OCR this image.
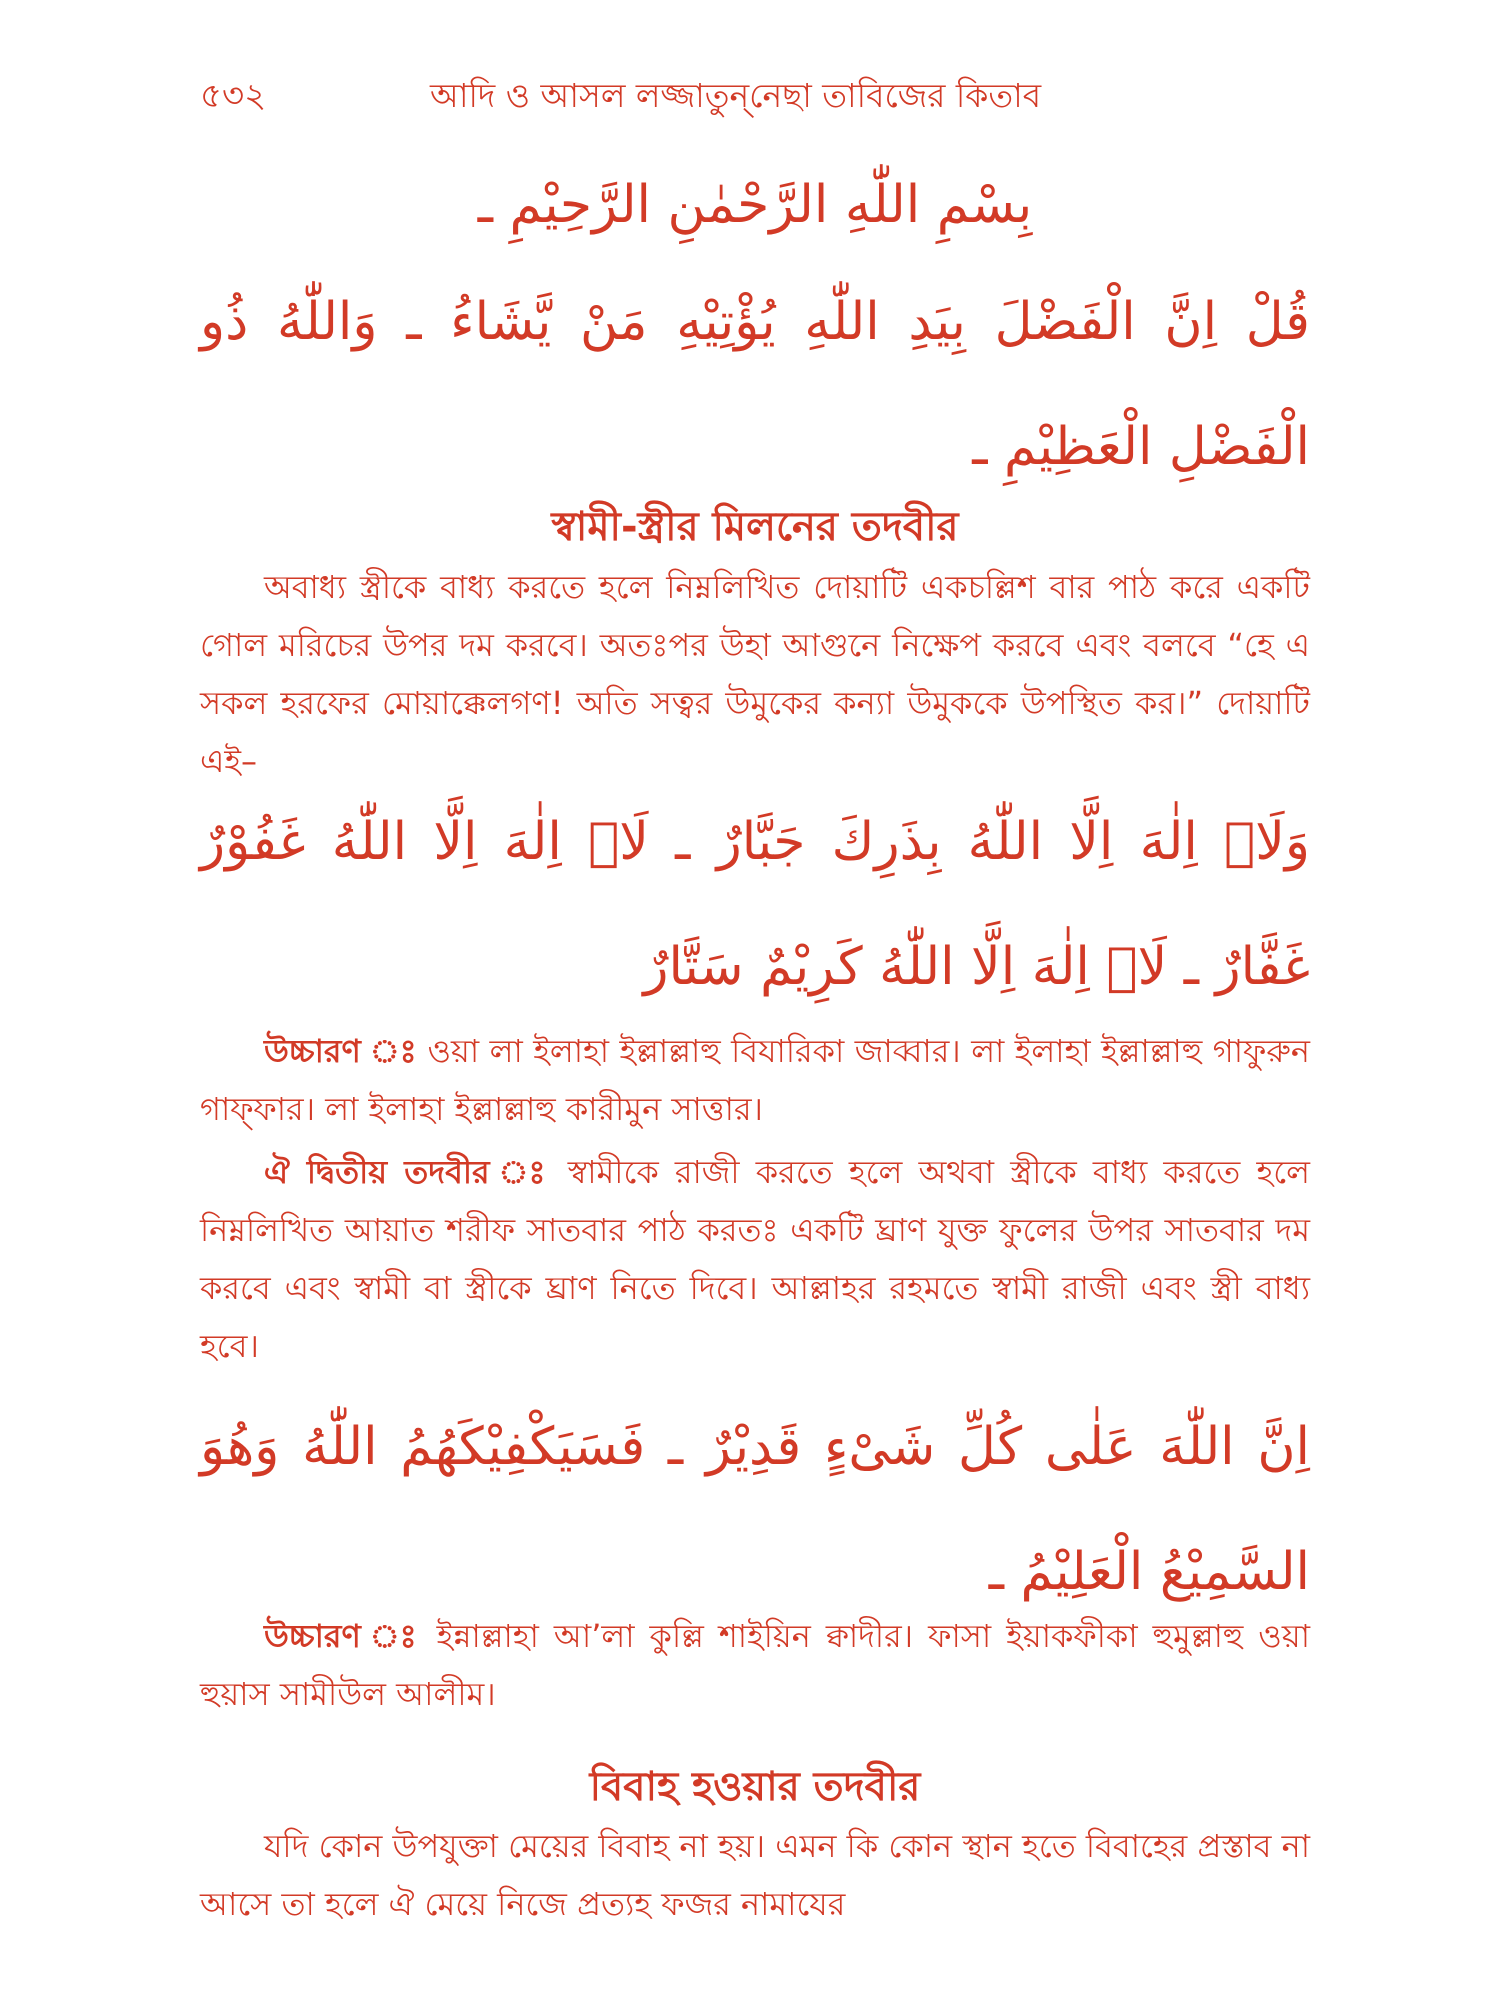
৫৩২	আদি ও আসল লজ্জাতুন্‌নেছা তাবিজের কিতাব
بِسْمِ اللّٰهِ الرَّحْمٰنِ الرَّحِيْمِ ـ
قُلْ اِنَّ الْفَضْلَ بِيَدِ اللّٰهِ يُؤْتِيْهِ مَنْ يَّشَاءُ ـ وَاللّٰهُ ذُو الْفَضْلِ الْعَظِيْمِ ـ
স্বামী-স্ত্রীর মিলনের তদবীর
অবাধ্য স্ত্রীকে বাধ্য করতে হলে নিম্নলিখিত দোয়াটি একচল্লিশ বার পাঠ করে একটি গোল মরিচের উপর দম করবে। অতঃপর উহা আগুনে নিক্ষেপ করবে এবং বলবে “হে এ সকল হরফের মোয়াক্কেলগণ! অতি সত্বর উমুকের কন্যা উমুককে উপস্থিত কর।” দোয়াটি এই–
وَلَاۤ اِلٰهَ اِلَّا اللّٰهُ بِذَرِكَ جَبَّارٌ ـ لَاۤ اِلٰهَ اِلَّا اللّٰهُ غَفُوْرٌ غَفَّارٌ ـ لَاۤ اِلٰهَ اِلَّا اللّٰهُ كَرِيْمٌ سَتَّارٌ
উচ্চারণ ঃ ওয়া লা ইলাহা ইল্লাল্লাহু বিযারিকা জাব্বার। লা ইলাহা ইল্লাল্লাহু গাফুরুন গাফ্‌ফার। লা ইলাহা ইল্লাল্লাহু কারীমুন সাত্তার।
ঐ দ্বিতীয় তদবীর ঃ স্বামীকে রাজী করতে হলে অথবা স্ত্রীকে বাধ্য করতে হলে নিম্নলিখিত আয়াত শরীফ সাতবার পাঠ করতঃ একটি ঘ্রাণ যুক্ত ফুলের উপর সাতবার দম করবে এবং স্বামী বা স্ত্রীকে ঘ্রাণ নিতে দিবে। আল্লাহর রহমতে স্বামী রাজী এবং স্ত্রী বাধ্য হবে।
اِنَّ اللّٰهَ عَلٰى كُلِّ شَىْءٍ قَدِيْرٌ ـ فَسَيَكْفِيْكَهُمُ اللّٰهُ وَهُوَ السَّمِيْعُ الْعَلِيْمُ ـ
উচ্চারণ ঃ ইন্নাল্লাহা আ’লা কুল্লি শাইয়িন ক্বাদীর। ফাসা ইয়াকফীকা হুমুল্লাহু ওয়া হুয়াস সামীউল আলীম।
বিবাহ হওয়ার তদবীর
যদি কোন উপযুক্তা মেয়ের বিবাহ না হয়। এমন কি কোন স্থান হতে বিবাহের প্রস্তাব না আসে তা হলে ঐ মেয়ে নিজে প্রত্যহ ফজর নামাযের
